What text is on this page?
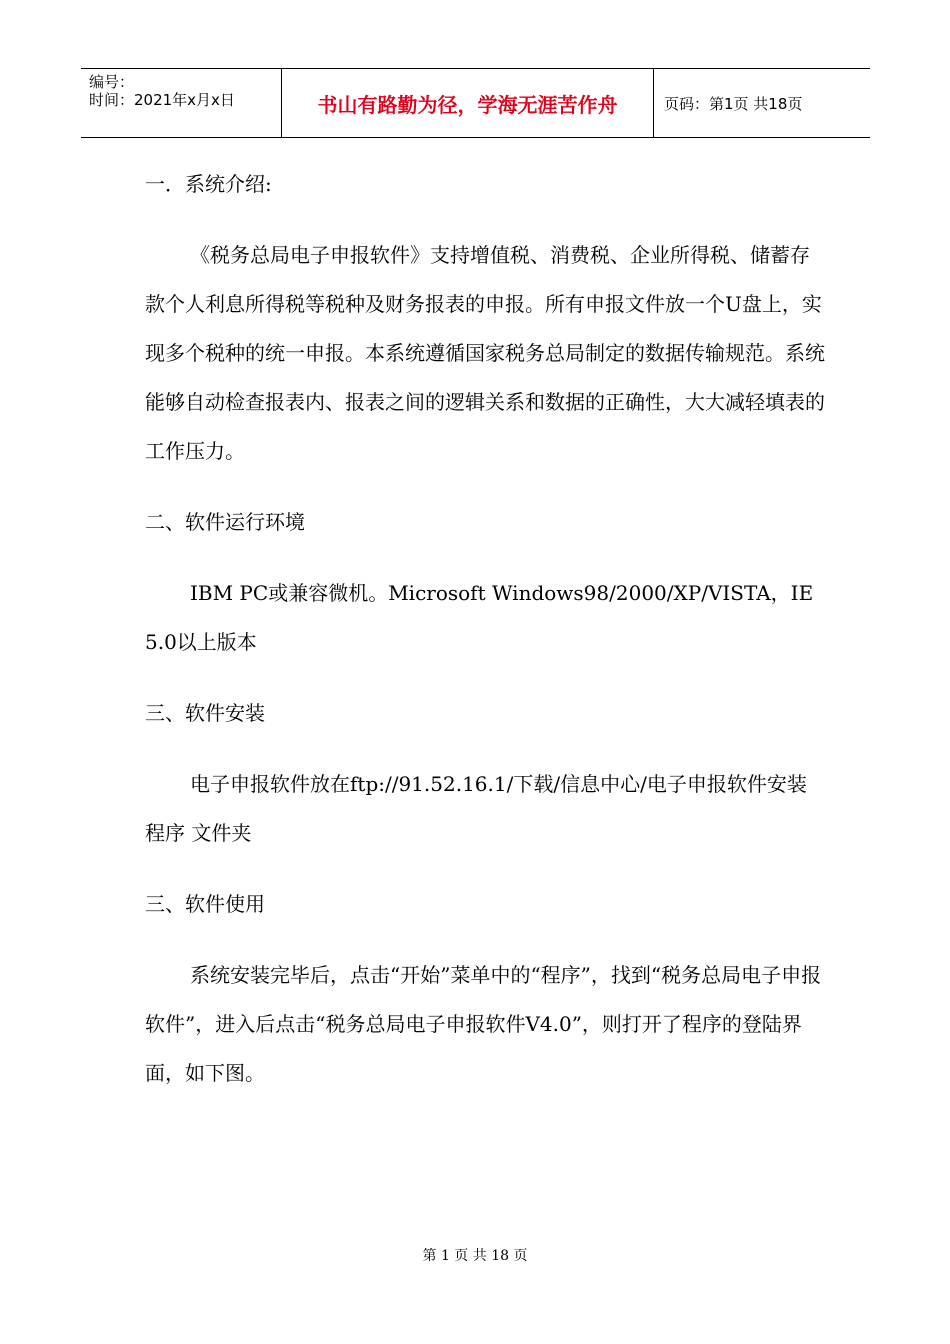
编号：
时间：2021年x月x日	书山有路勤为径，学海无涯苦作舟	页码：第1页 共18页

一．系统介绍:

《税务总局电子申报软件》支持增值税、消费税、企业所得税、储蓄存款个人利息所得税等税种及财务报表的申报。所有申报文件放一个U盘上，实现多个税种的统一申报。本系统遵循国家税务总局制定的数据传输规范。系统能够自动检查报表内、报表之间的逻辑关系和数据的正确性，大大减轻填表的工作压力。

二、软件运行环境

IBM PC或兼容微机。Microsoft Windows98/2000/XP/VISTA，IE 5.0以上版本

三、软件安装

电子申报软件放在ftp://91.52.16.1/下载/信息中心/电子申报软件安装程序 文件夹

三、软件使用

系统安装完毕后，点击“开始”菜单中的“程序”，找到“税务总局电子申报软件”，进入后点击“税务总局电子申报软件V4.0”，则打开了程序的登陆界面，如下图。

第 1 页 共 18 页
